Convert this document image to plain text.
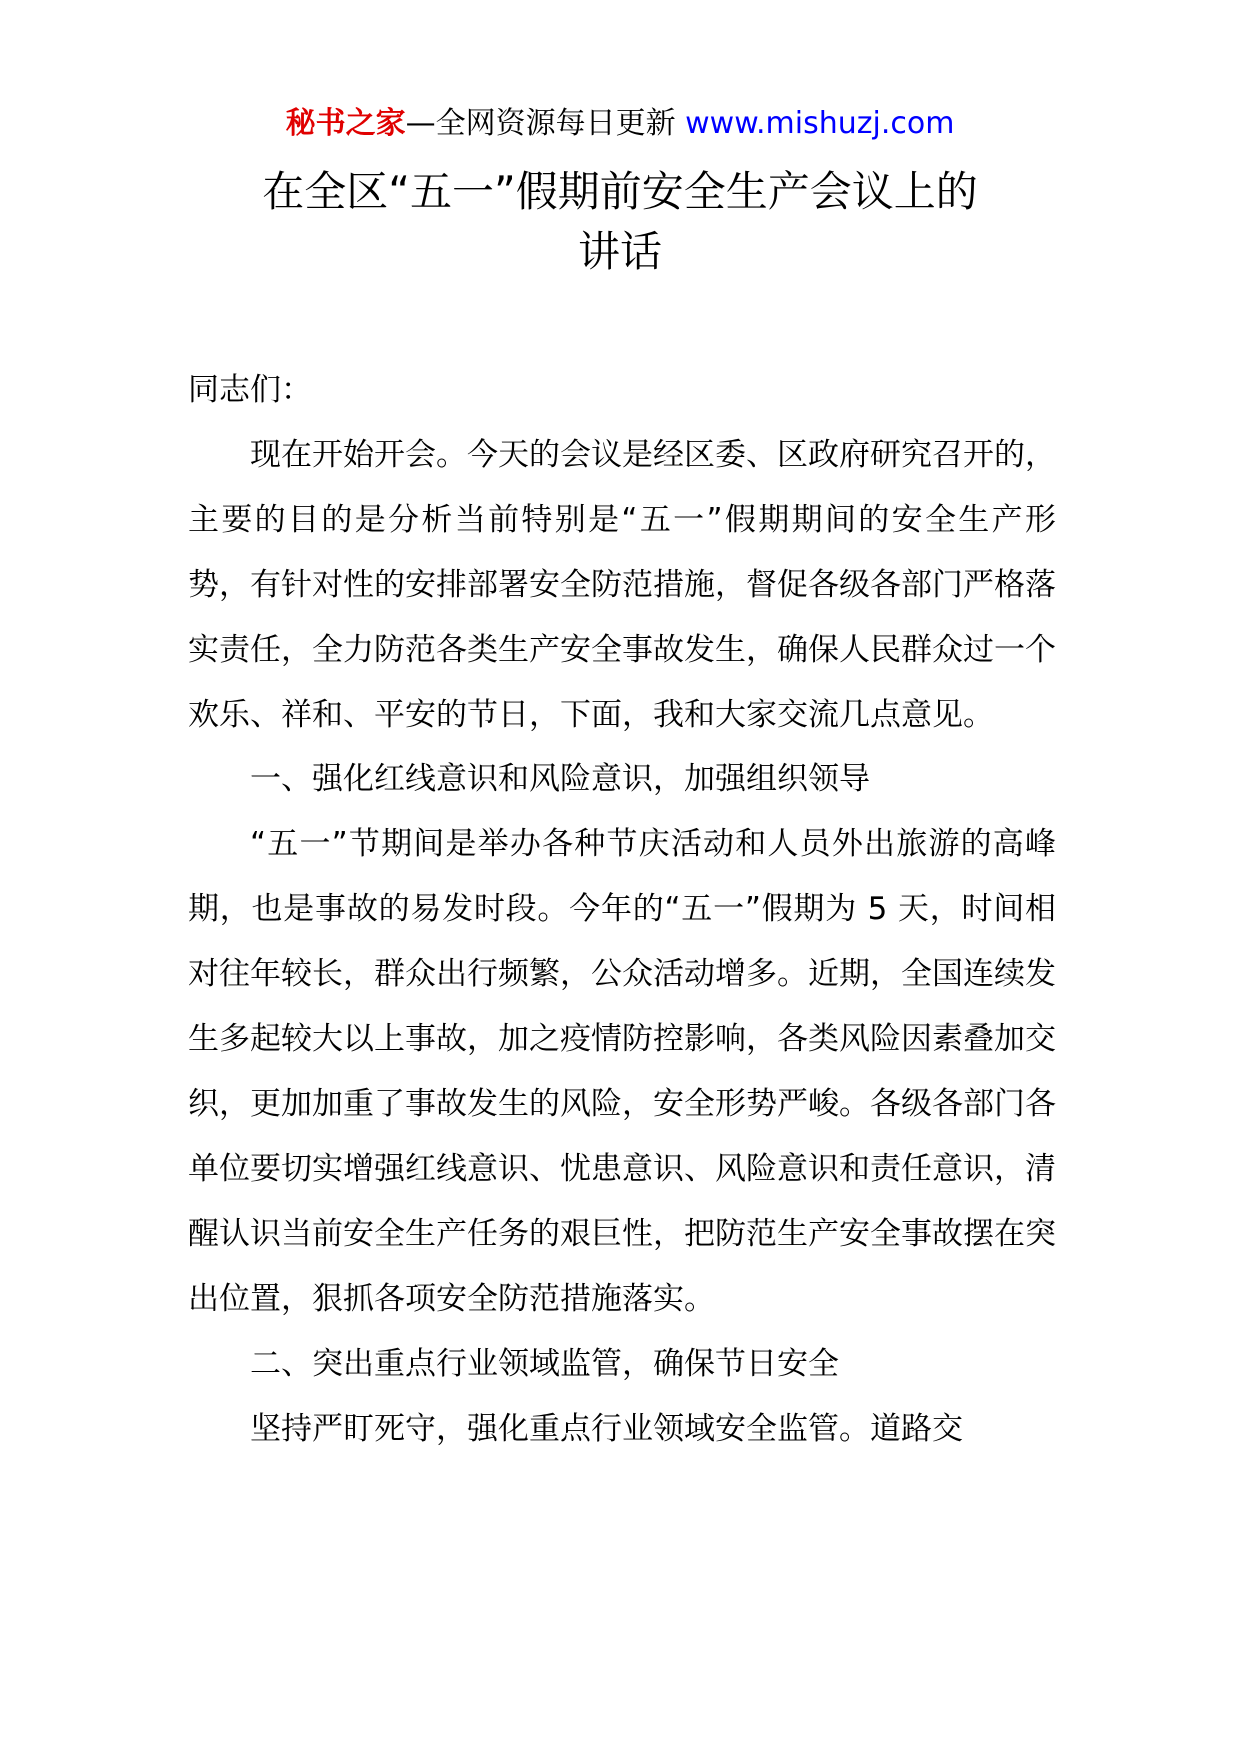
秘书之家—全网资源每日更新 www.mishuzj.com
在全区“五一”假期前安全生产会议上的
讲话

同志们：

现在开始开会。今天的会议是经区委、区政府研究召开的，主要的目的是分析当前特别是“五一”假期期间的安全生产形势，有针对性的安排部署安全防范措施，督促各级各部门严格落实责任，全力防范各类生产安全事故发生，确保人民群众过一个欢乐、祥和、平安的节日，下面，我和大家交流几点意见。

一、强化红线意识和风险意识，加强组织领导

“五一”节期间是举办各种节庆活动和人员外出旅游的高峰期，也是事故的易发时段。今年的“五一”假期为 5 天，时间相对往年较长，群众出行频繁，公众活动增多。近期，全国连续发生多起较大以上事故，加之疫情防控影响，各类风险因素叠加交织，更加加重了事故发生的风险，安全形势严峻。各级各部门各单位要切实增强红线意识、忧患意识、风险意识和责任意识，清醒认识当前安全生产任务的艰巨性，把防范生产安全事故摆在突出位置，狠抓各项安全防范措施落实。

二、突出重点行业领域监管，确保节日安全

坚持严盯死守，强化重点行业领域安全监管。道路交
